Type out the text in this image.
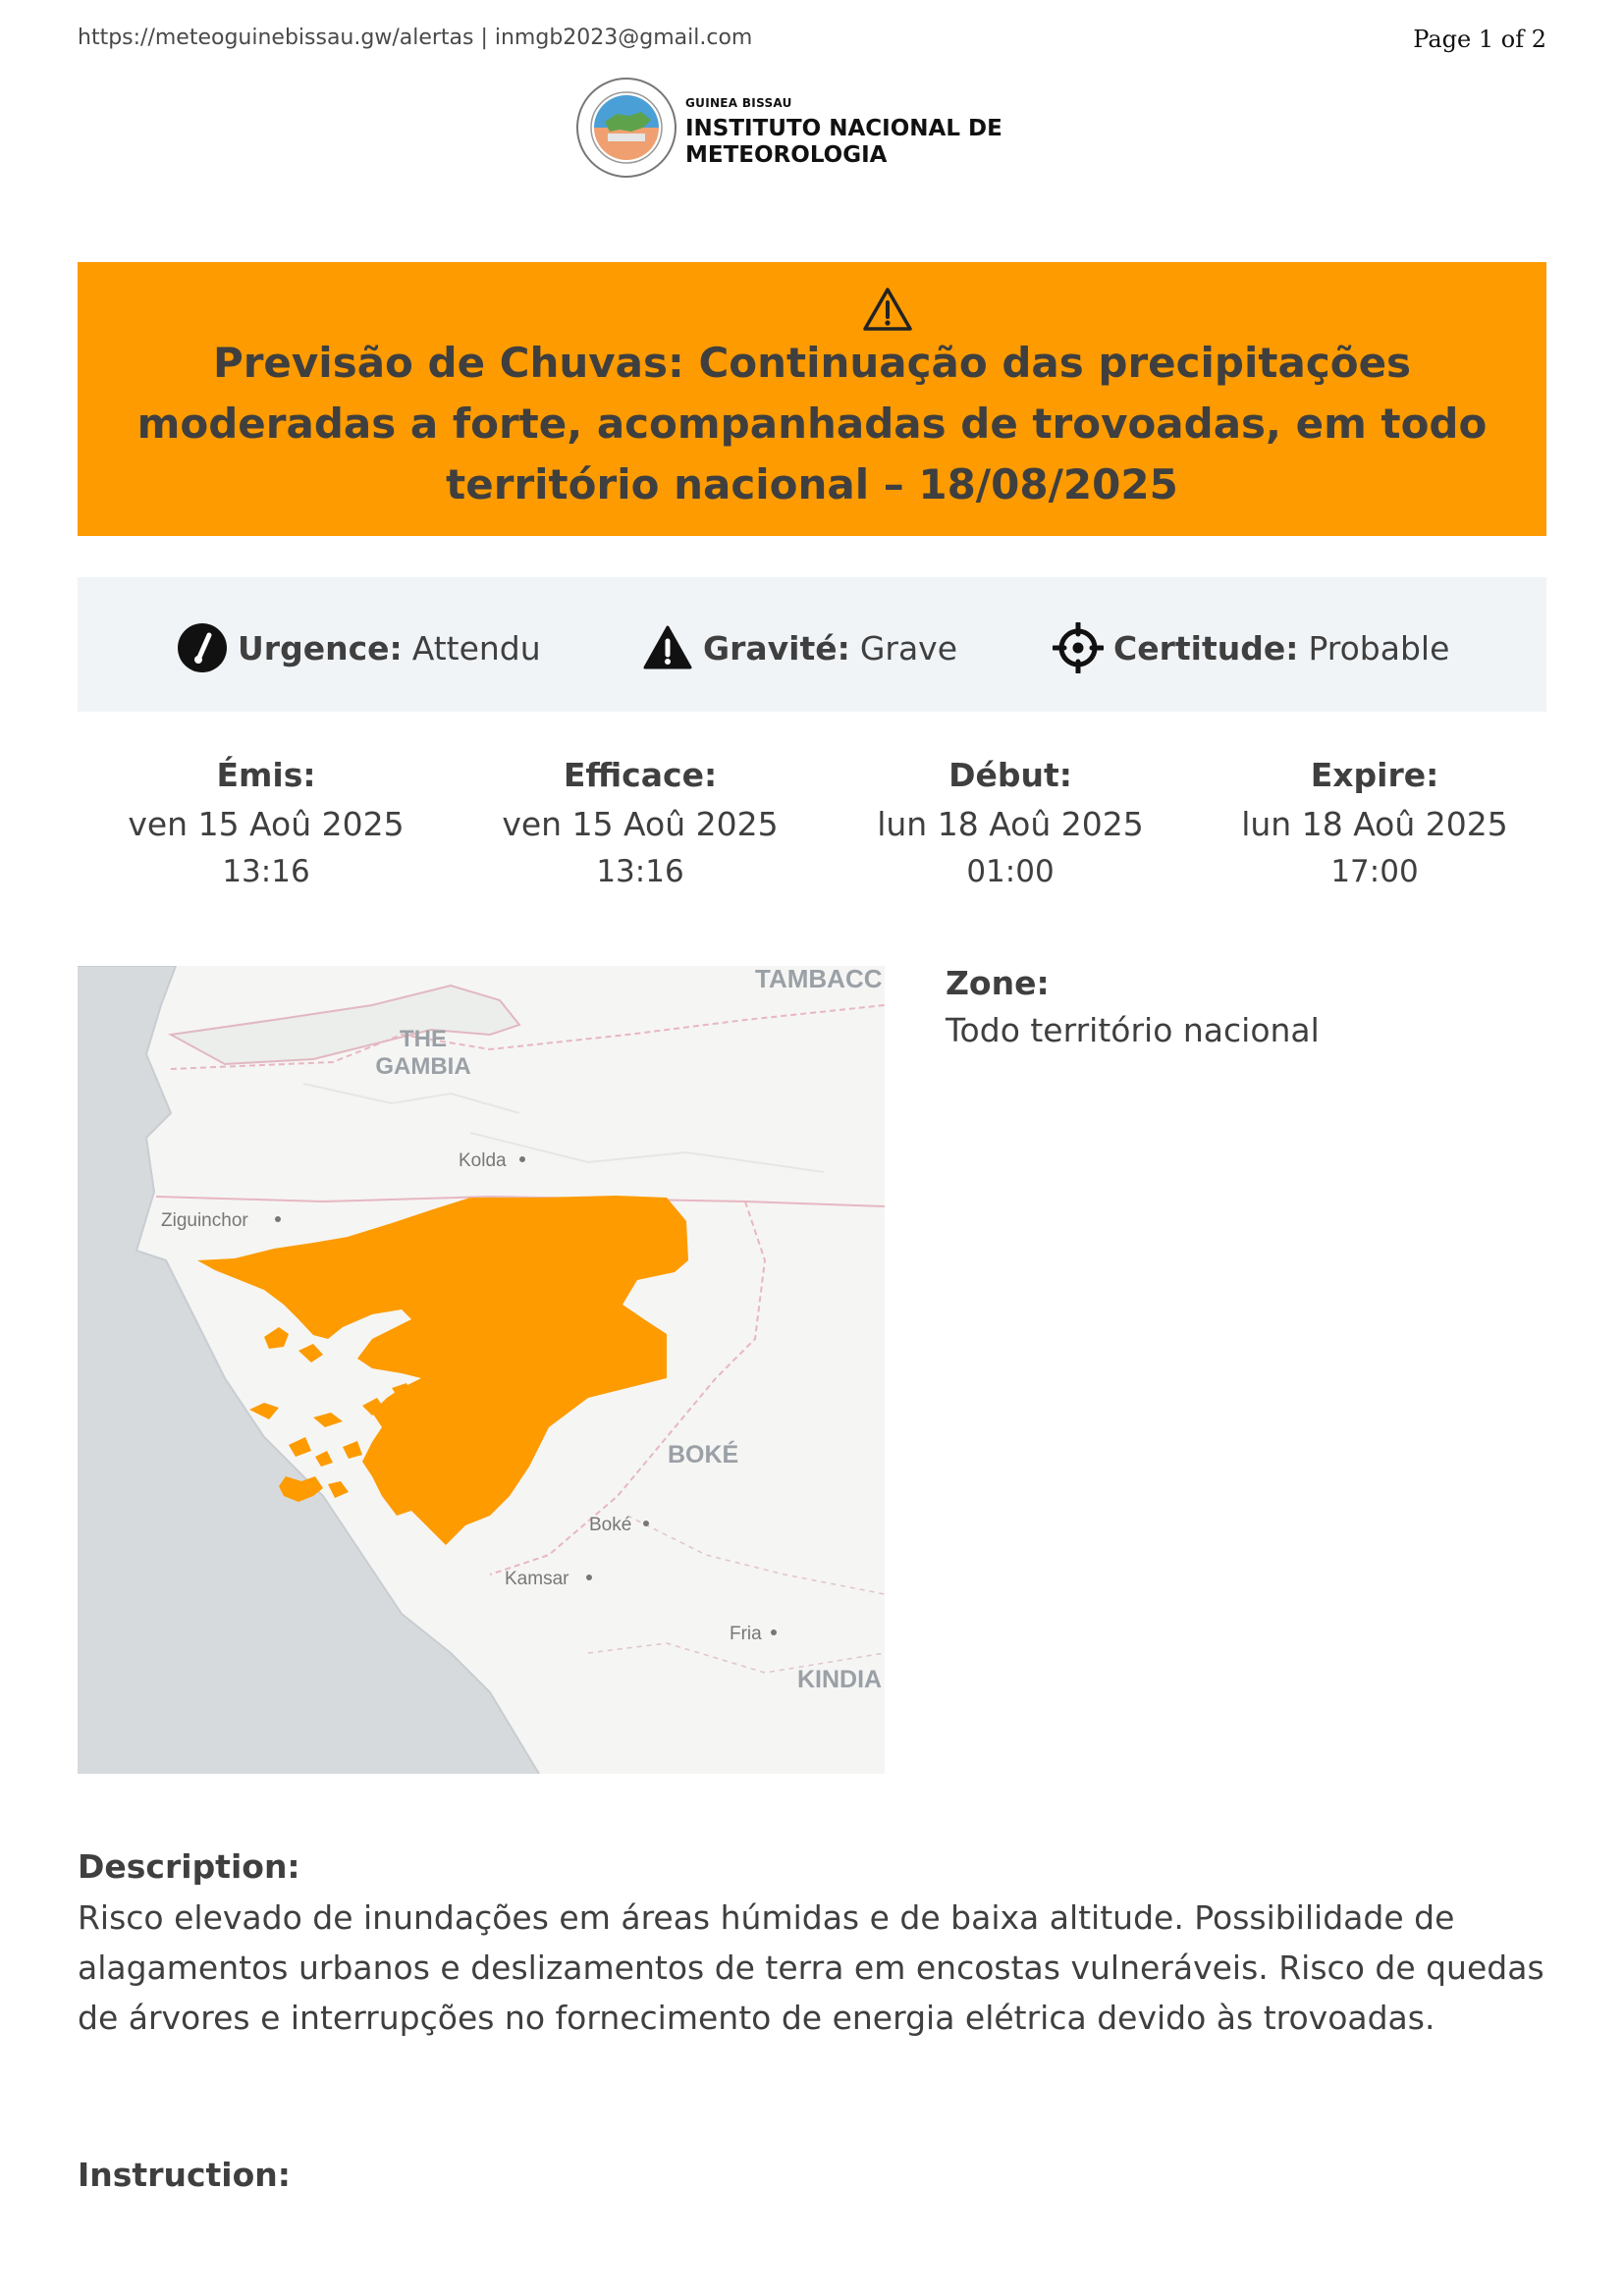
https://meteoguinebissau.gw/alertas | inmgb2023@gmail.com	Page 1 of 2
GUINEA BISSAU
INSTITUTO NACIONAL DE
METEOROLOGIA
Previsão de Chuvas: Continuação das precipitações moderadas a forte, acompanhadas de trovoadas, em todo território nacional – 18/08/2025
Urgence: Attendu	Gravité: Grave	Certitude: Probable
Émis:
ven 15 Aoû 2025
13:16
Efficace:
ven 15 Aoû 2025
13:16
Début:
lun 18 Aoû 2025
01:00
Expire:
lun 18 Aoû 2025
17:00
TAMBACC
THE
GAMBIA
Kolda
Ziguinchor
BOKÉ
Boké
Kamsar
Fria
KINDIA
Zone:
Todo território nacional
Description:
Risco elevado de inundações em áreas húmidas e de baixa altitude. Possibilidade de alagamentos urbanos e deslizamentos de terra em encostas vulneráveis. Risco de quedas de árvores e interrupções no fornecimento de energia elétrica devido às trovoadas.
Instruction:
